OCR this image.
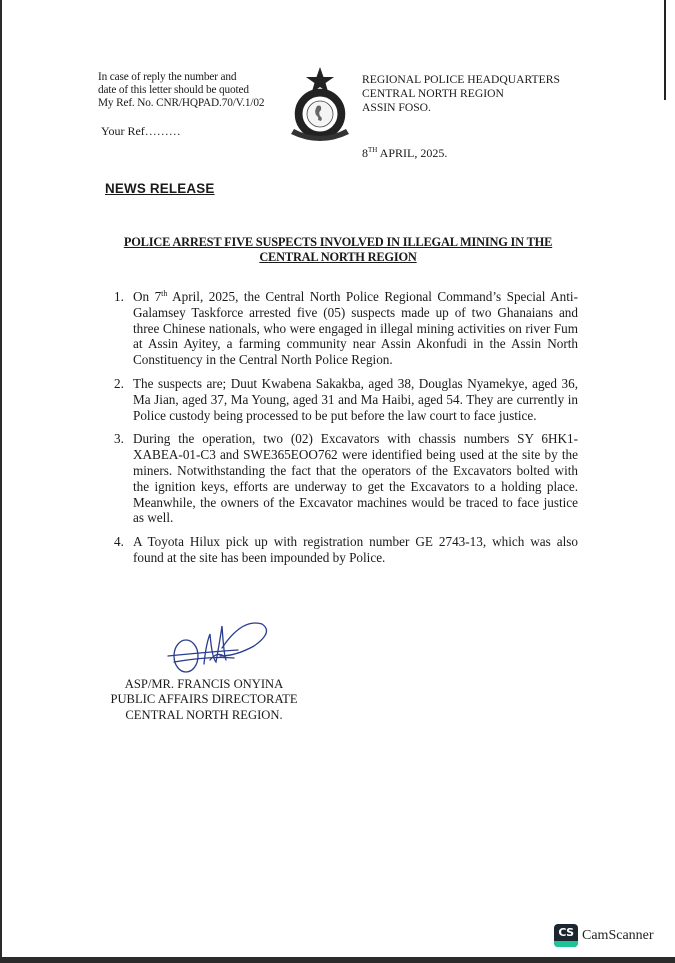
In case of reply the number and
date of this letter should be quoted
My Ref. No. CNR/HQPAD.70/V.1/02
Your Ref………
REGIONAL POLICE HEADQUARTERS
CENTRAL NORTH REGION
ASSIN FOSO.
8TH APRIL, 2025.
NEWS RELEASE
POLICE ARREST FIVE SUSPECTS INVOLVED IN ILLEGAL MINING IN THE
CENTRAL NORTH REGION
1. On 7th April, 2025, the Central North Police Regional Command’s Special Anti-Galamsey Taskforce arrested five (05) suspects made up of two Ghanaians and three Chinese nationals, who were engaged in illegal mining activities on river Fum at Assin Ayitey, a farming community near Assin Akonfudi in the Assin North Constituency in the Central North Police Region.
2. The suspects are; Duut Kwabena Sakakba, aged 38, Douglas Nyamekye, aged 36, Ma Jian, aged 37, Ma Young, aged 31 and Ma Haibi, aged 54. They are currently in Police custody being processed to be put before the law court to face justice.
3. During the operation, two (02) Excavators with chassis numbers SY 6HK1-XABEA-01-C3 and SWE365EOO762 were identified being used at the site by the miners. Notwithstanding the fact that the operators of the Excavators bolted with the ignition keys, efforts are underway to get the Excavators to a holding place. Meanwhile, the owners of the Excavator machines would be traced to face justice as well.
4. A Toyota Hilux pick up with registration number GE 2743-13, which was also found at the site has been impounded by Police.
ASP/MR. FRANCIS ONYINA
PUBLIC AFFAIRS DIRECTORATE
CENTRAL NORTH REGION.
CS CamScanner
